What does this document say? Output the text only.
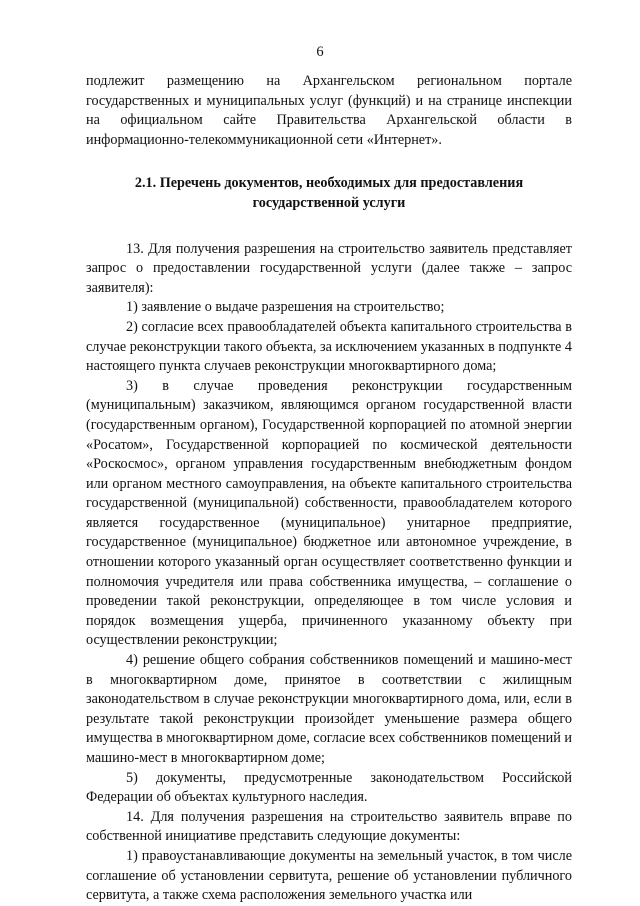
6

подлежит размещению на Архангельском региональном портале государственных и муниципальных услуг (функций) и на странице инспекции на официальном сайте Правительства Архангельской области в информационно-телекоммуникационной сети «Интернет».

2.1. Перечень документов, необходимых для предоставления
государственной услуги

13. Для получения разрешения на строительство заявитель представляет запрос о предоставлении государственной услуги (далее также – запрос заявителя):

1) заявление о выдаче разрешения на строительство;

2) согласие всех правообладателей объекта капитального строительства в случае реконструкции такого объекта, за исключением указанных в подпункте 4 настоящего пункта случаев реконструкции многоквартирного дома;

3) в случае проведения реконструкции государственным (муниципальным) заказчиком, являющимся органом государственной власти (государственным органом), Государственной корпорацией по атомной энергии «Росатом», Государственной корпорацией по космической деятельности «Роскосмос», органом управления государственным внебюджетным фондом или органом местного самоуправления, на объекте капитального строительства государственной (муниципальной) собственности, правообладателем которого является государственное (муниципальное) унитарное предприятие, государственное (муниципальное) бюджетное или автономное учреждение, в отношении которого указанный орган осуществляет соответственно функции и полномочия учредителя или права собственника имущества, – соглашение о проведении такой реконструкции, определяющее в том числе условия и порядок возмещения ущерба, причиненного указанному объекту при осуществлении реконструкции;

4) решение общего собрания собственников помещений и машино-мест в многоквартирном доме, принятое в соответствии с жилищным законодательством в случае реконструкции многоквартирного дома, или, если в результате такой реконструкции произойдет уменьшение размера общего имущества в многоквартирном доме, согласие всех собственников помещений и машино-мест в многоквартирном доме;

5) документы, предусмотренные законодательством Российской Федерации об объектах культурного наследия.

14. Для получения разрешения на строительство заявитель вправе по собственной инициативе представить следующие документы:

1) правоустанавливающие документы на земельный участок, в том числе соглашение об установлении сервитута, решение об установлении публичного сервитута, а также схема расположения земельного участка или
